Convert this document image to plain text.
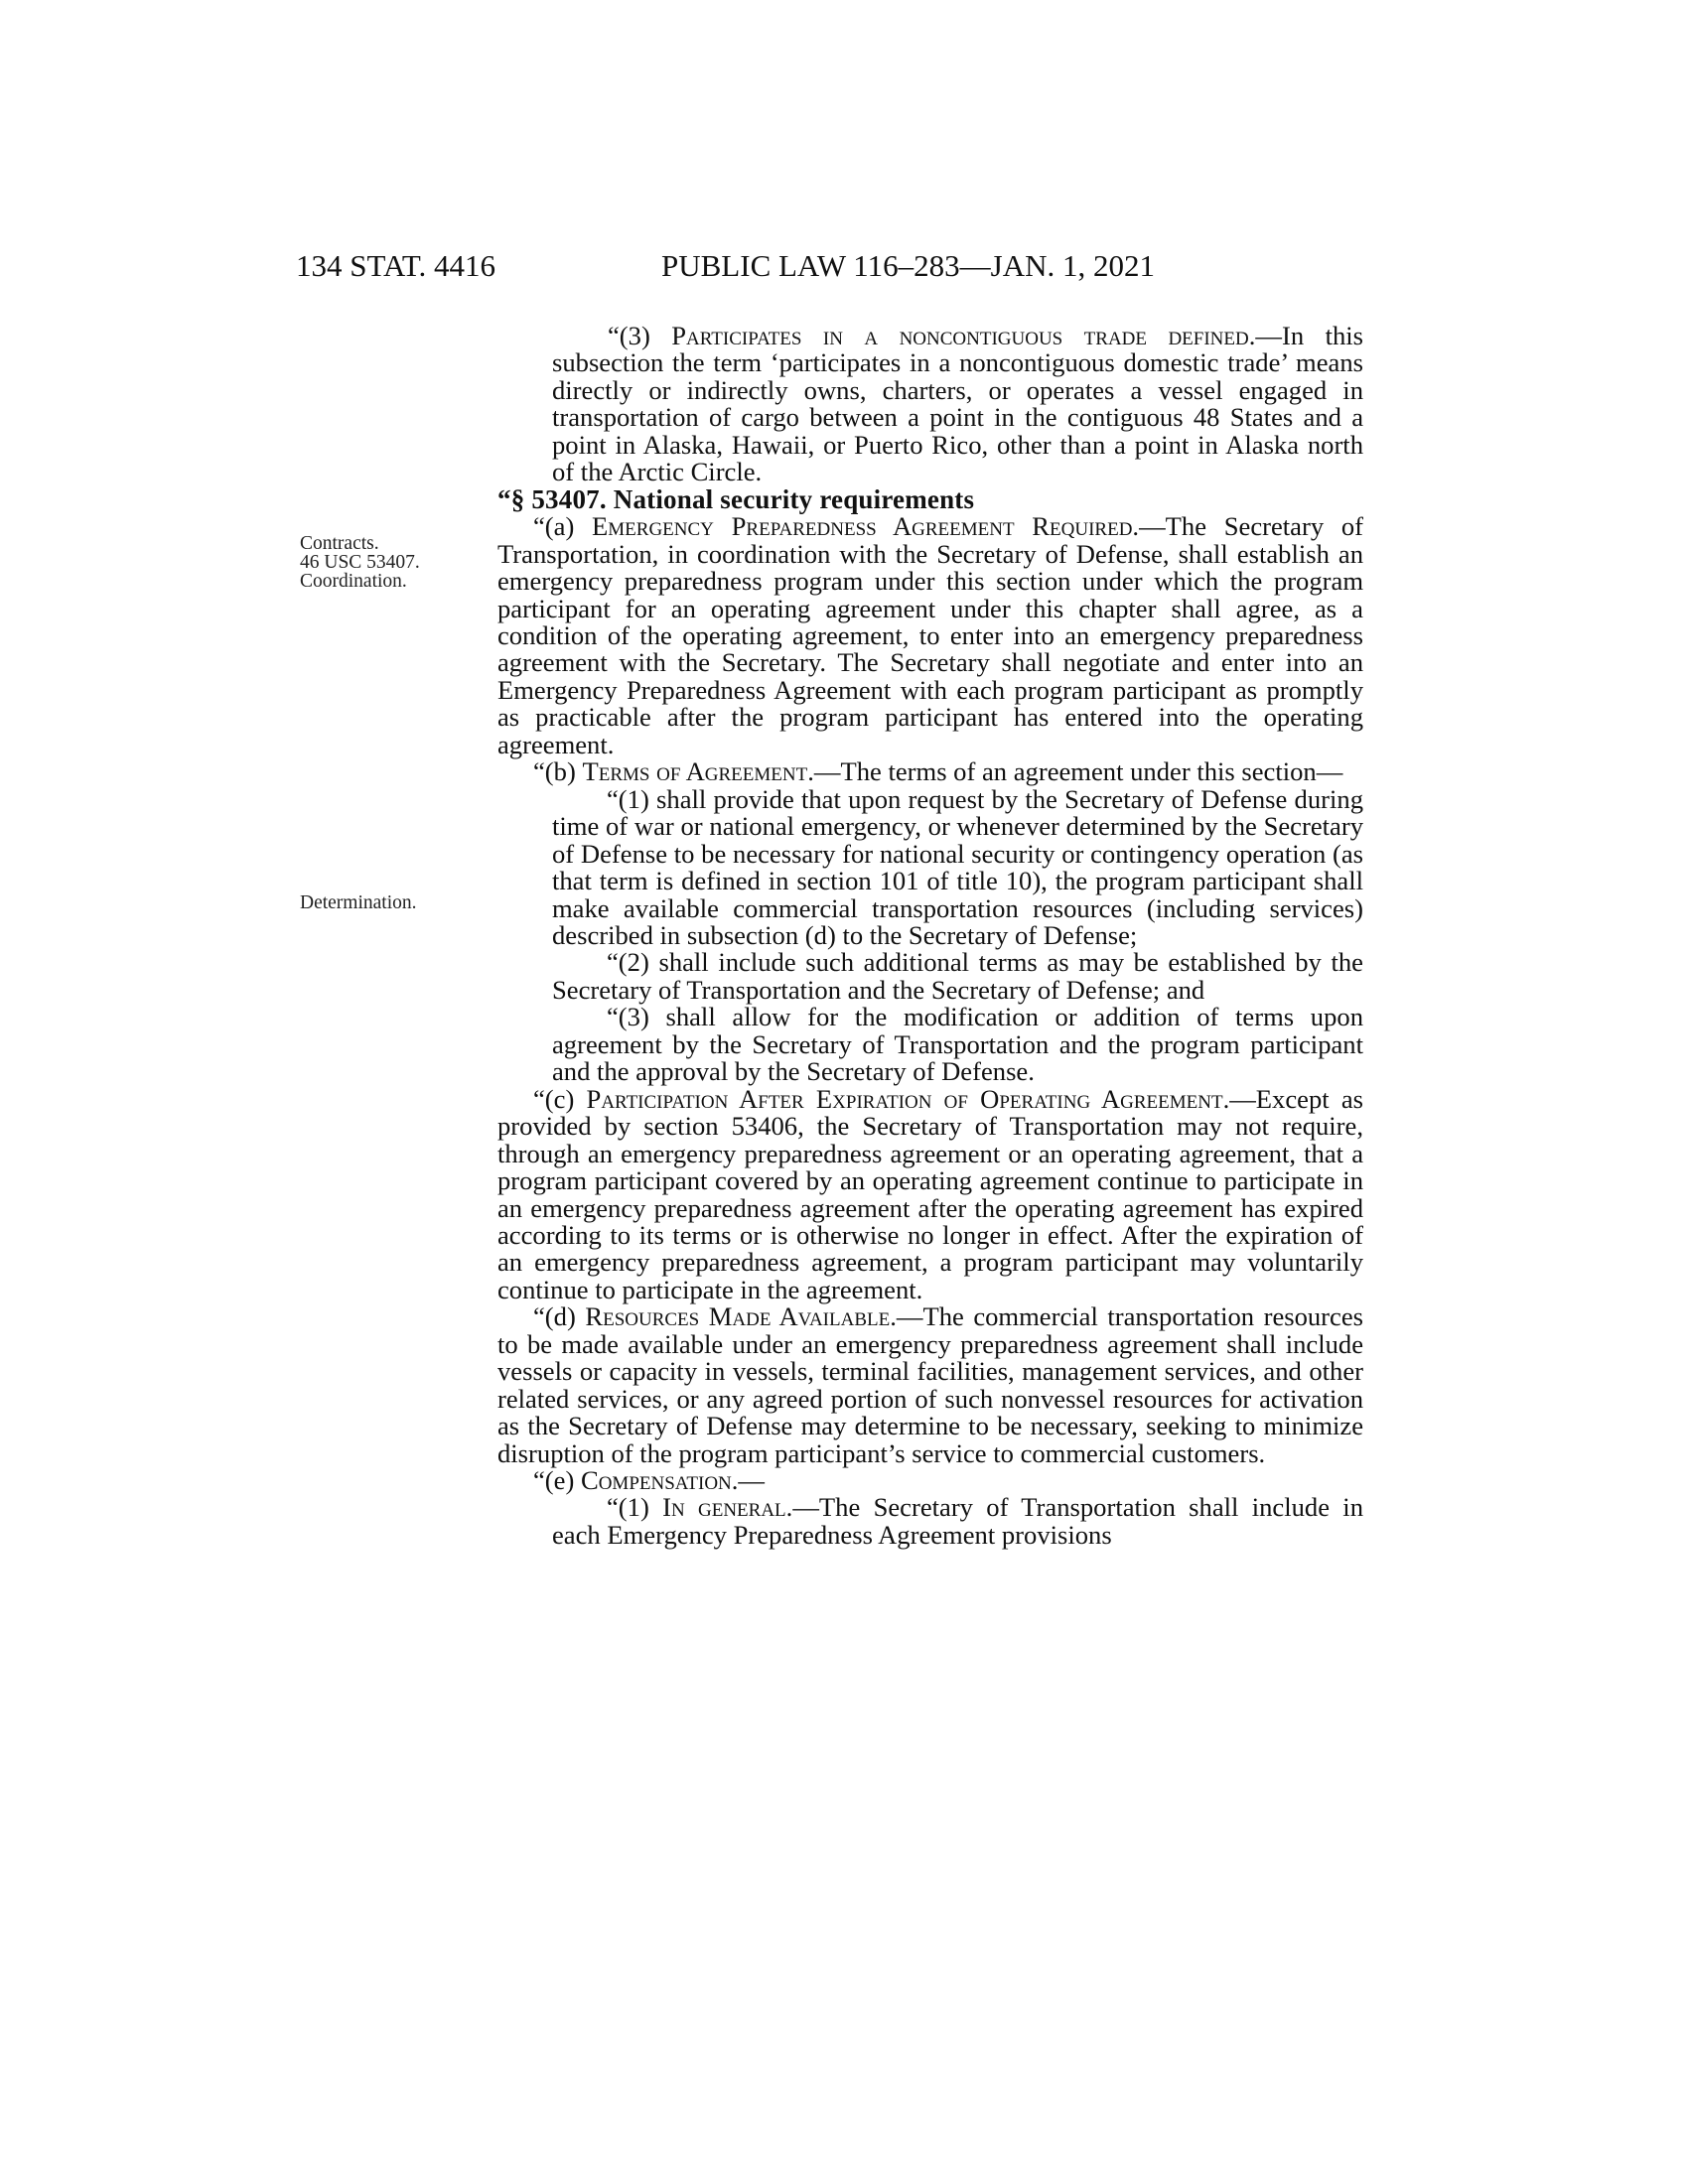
134 STAT. 4416	PUBLIC LAW 116–283—JAN. 1, 2021
Contracts.
46 USC 53407.
Coordination.
Determination.

“(3) Participates in a noncontiguous trade defined.—In this subsection the term ‘participates in a noncontiguous domestic trade’ means directly or indirectly owns, charters, or operates a vessel engaged in transportation of cargo between a point in the contiguous 48 States and a point in Alaska, Hawaii, or Puerto Rico, other than a point in Alaska north of the Arctic Circle.

“§ 53407. National security requirements

“(a) Emergency Preparedness Agreement Required.—The Secretary of Transportation, in coordination with the Secretary of Defense, shall establish an emergency preparedness program under this section under which the program participant for an operating agreement under this chapter shall agree, as a condition of the operating agreement, to enter into an emergency preparedness agreement with the Secretary. The Secretary shall negotiate and enter into an Emergency Preparedness Agreement with each program participant as promptly as practicable after the program participant has entered into the operating agreement.

“(b) Terms of Agreement.—The terms of an agreement under this section—

“(1) shall provide that upon request by the Secretary of Defense during time of war or national emergency, or whenever determined by the Secretary of Defense to be necessary for national security or contingency operation (as that term is defined in section 101 of title 10), the program participant shall make available commercial transportation resources (including services) described in subsection (d) to the Secretary of Defense;

“(2) shall include such additional terms as may be established by the Secretary of Transportation and the Secretary of Defense; and

“(3) shall allow for the modification or addition of terms upon agreement by the Secretary of Transportation and the program participant and the approval by the Secretary of Defense.

“(c) Participation After Expiration of Operating Agreement.—Except as provided by section 53406, the Secretary of Transportation may not require, through an emergency preparedness agreement or an operating agreement, that a program participant covered by an operating agreement continue to participate in an emergency preparedness agreement after the operating agreement has expired according to its terms or is otherwise no longer in effect. After the expiration of an emergency preparedness agreement, a program participant may voluntarily continue to participate in the agreement.

“(d) Resources Made Available.—The commercial transportation resources to be made available under an emergency preparedness agreement shall include vessels or capacity in vessels, terminal facilities, management services, and other related services, or any agreed portion of such nonvessel resources for activation as the Secretary of Defense may determine to be necessary, seeking to minimize disruption of the program participant’s service to commercial customers.

“(e) Compensation.—

“(1) In general.—The Secretary of Transportation shall include in each Emergency Preparedness Agreement provisions
